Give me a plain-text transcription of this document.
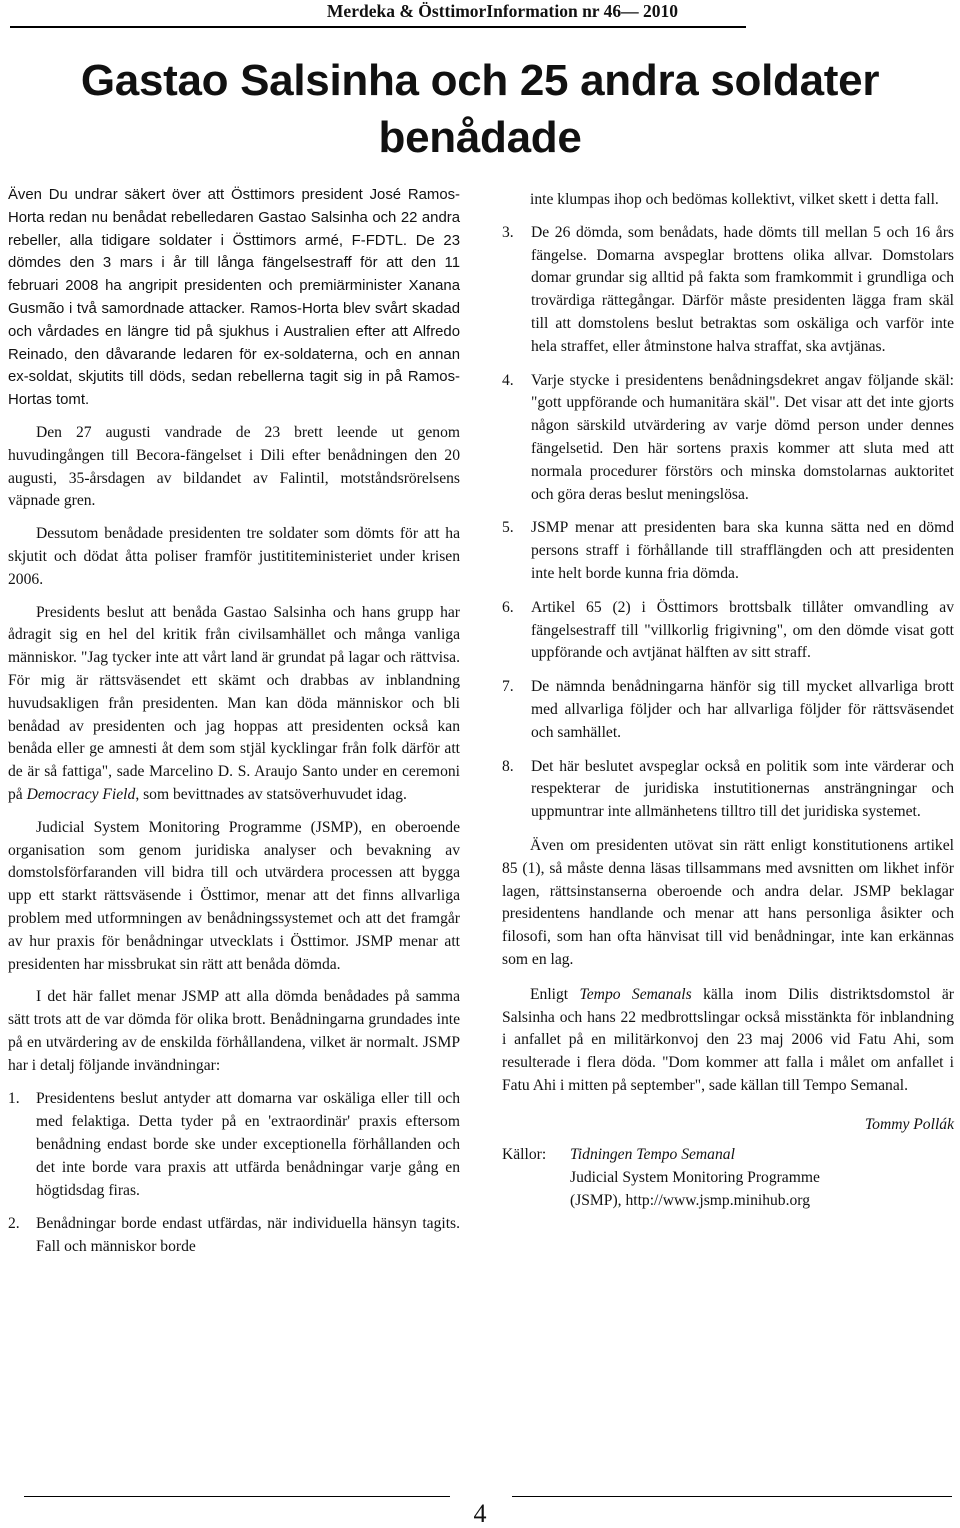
Merdeka & ÖsttimorInformation nr 46— 2010
Gastao Salsinha och 25 andra soldater benådade

Även Du undrar säkert över att Östtimors president José Ramos-Horta redan nu benådat rebelledaren Gastao Salsinha och 22 andra rebeller, alla tidigare soldater i Östtimors armé, F-FDTL. De 23 dömdes den 3 mars i år till långa fängelsestraff för att den 11 februari 2008 ha angripit presidenten och premiärminister Xanana Gusmão i två samordnade attacker. Ramos-Horta blev svårt skadad och vårdades en längre tid på sjukhus i Australien efter att Alfredo Reinado, den dåvarande ledaren för ex-soldaterna, och en annan ex-soldat, skjutits till döds, sedan rebellerna tagit sig in på Ramos-Hortas tomt.

Den 27 augusti vandrade de 23 brett leende ut genom huvudingången till Becora-fängelset i Dili efter benådningen den 20 augusti, 35-årsdagen av bildandet av Falintil, motståndsrörelsens väpnade gren.

Dessutom benådade presidenten tre soldater som dömts för att ha skjutit och dödat åtta poliser framför justititeministeriet under krisen 2006.

Presidents beslut att benåda Gastao Salsinha och hans grupp har ådragit sig en hel del kritik från civilsamhället och många vanliga människor. "Jag tycker inte att vårt land är grundat på lagar och rättvisa. För mig är rättsväsendet ett skämt och drabbas av inblandning huvudsakligen från presidenten. Man kan döda människor och bli benådad av presidenten och jag hoppas att presidenten också kan benåda eller ge amnesti åt dem som stjäl kycklingar från folk därför att de är så fattiga", sade Marcelino D. S. Araujo Santo under en ceremoni på Democracy Field, som bevittnades av statsöverhuvudet idag.

Judicial System Monitoring Programme (JSMP), en oberoende organisation som genom juridiska analyser och bevakning av domstolsförfaranden vill bidra till och utvärdera processen att bygga upp ett starkt rättsväsende i Östtimor, menar att det finns allvarliga problem med utformningen av benådningssystemet och att det framgår av hur praxis för benådningar utvecklats i Östtimor. JSMP menar att presidenten har missbrukat sin rätt att benåda dömda.

I det här fallet menar JSMP att alla dömda benådades på samma sätt trots att de var dömda för olika brott. Benådningarna grundades inte på en utvärdering av de enskilda förhållandena, vilket är normalt. JSMP har i detalj följande invändningar:

1. Presidentens beslut antyder att domarna var oskäliga eller till och med felaktiga. Detta tyder på en 'extraordinär' praxis eftersom benådning endast borde ske under exceptionella förhållanden och det inte borde vara praxis att utfärda benådningar varje gång en högtidsdag firas.
2. Benådningar borde endast utfärdas, när individuella hänsyn tagits. Fall och människor borde

inte klumpas ihop och bedömas kollektivt, vilket skett i detta fall.

3. De 26 dömda, som benådats, hade dömts till mellan 5 och 16 års fängelse. Domarna avspeglar brottens olika allvar. Domstolars domar grundar sig alltid på fakta som framkommit i grundliga och trovärdiga rättegångar. Därför måste presidenten lägga fram skäl till att domstolens beslut betraktas som oskäliga och varför inte hela straffet, eller åtminstone halva straffat, ska avtjänas.
4. Varje stycke i presidentens benådningsdekret angav följande skäl: "gott uppförande och humanitära skäl". Det visar att det inte gjorts någon särskild utvärdering av varje dömd person under dennes fängelsetid. Den här sortens praxis kommer att sluta med att normala procedurer förstörs och minska domstolarnas auktoritet och göra deras beslut meningslösa.
5. JSMP menar att presidenten bara ska kunna sätta ned en dömd persons straff i förhållande till strafflängden och att presidenten inte helt borde kunna fria dömda.
6. Artikel 65 (2) i Östtimors brottsbalk tillåter omvandling av fängelsestraff till "villkorlig frigivning", om den dömde visat gott uppförande och avtjänat hälften av sitt straff.
7. De nämnda benådningarna hänför sig till mycket allvarliga brott med allvarliga följder och har allvarliga följder för rättsväsendet och samhället.
8. Det här beslutet avspeglar också en politik som inte värderar och respekterar de juridiska instutitionernas ansträngningar och uppmuntrar inte allmänhetens tilltro till det juridiska systemet.

Även om presidenten utövat sin rätt enligt konstitutionens artikel 85 (1), så måste denna läsas tillsammans med avsnitten om likhet inför lagen, rättsinstanserna oberoende och andra delar. JSMP beklagar presidentens handlande och menar att hans personliga åsikter och filosofi, som han ofta hänvisat till vid benådningar, inte kan erkännas som en lag.

Enligt Tempo Semanals källa inom Dilis distriktsdomstol är Salsinha och hans 22 medbrottslingar också misstänkta för inblandning i anfallet på en militärkonvoj den 23 maj 2006 vid Fatu Ahi, som resulterade i flera döda. "Dom kommer att falla i målet om anfallet i Fatu Ahi i mitten på september", sade källan till Tempo Semanal.

Tommy Pollák

Källor:	Tidningen Tempo Semanal
Judicial System Monitoring Programme
(JSMP), http://www.jsmp.minihub.org
4
